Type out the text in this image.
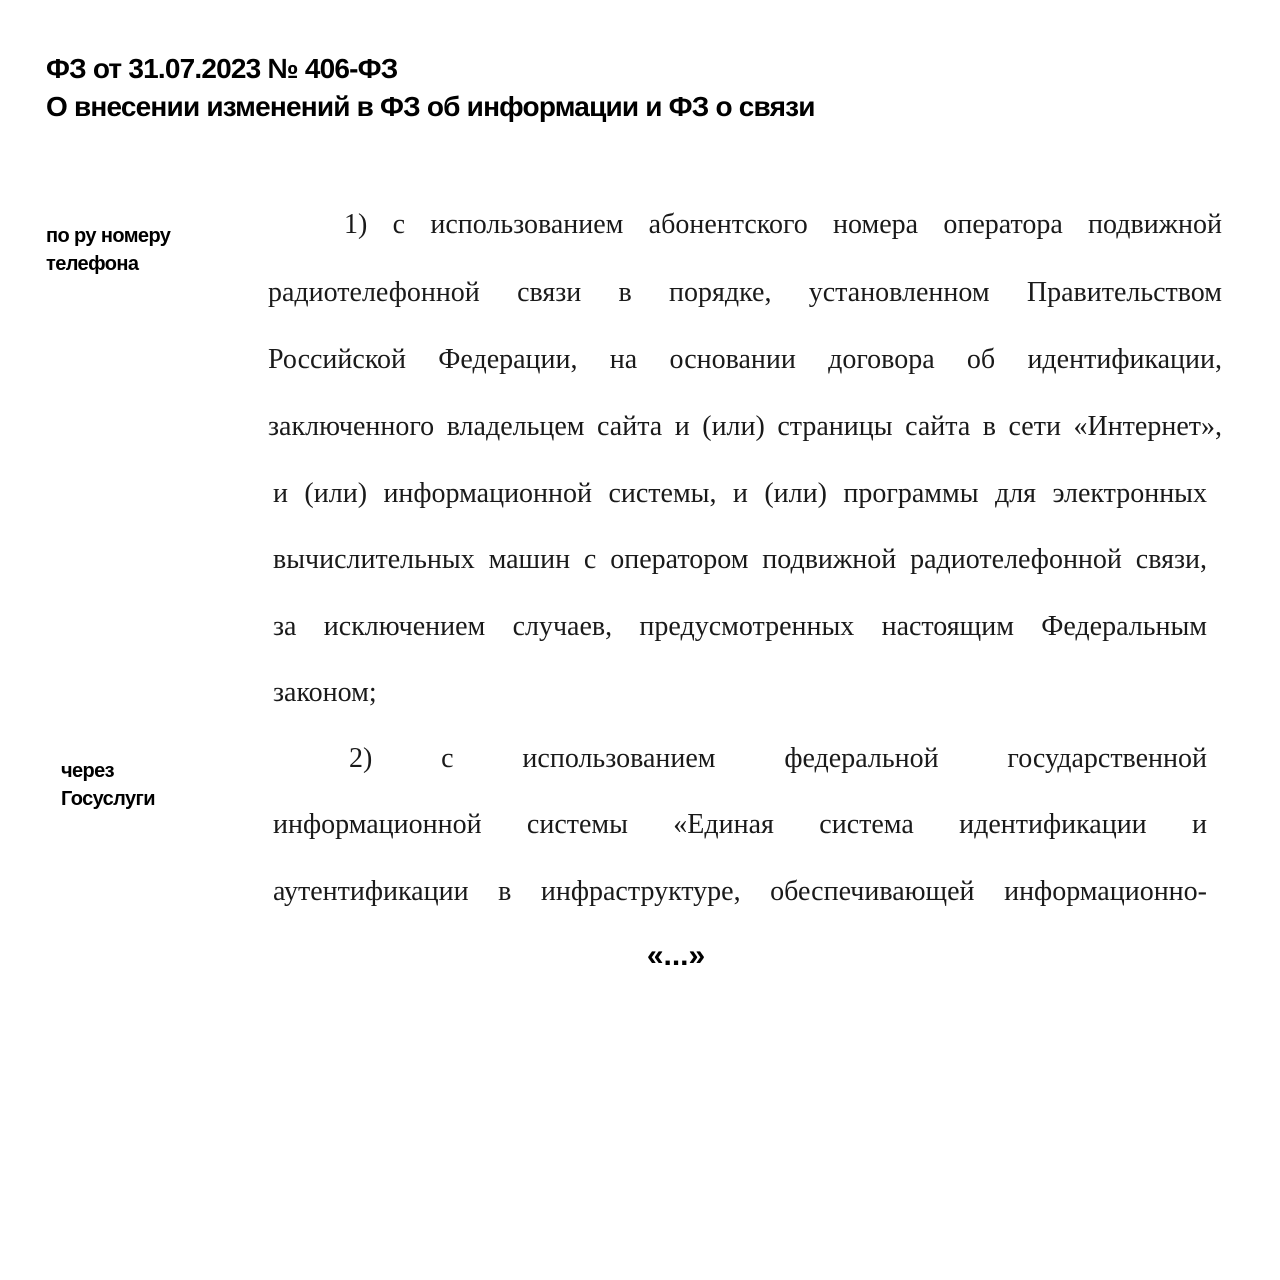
ФЗ от 31.07.2023 № 406-ФЗ
О внесении изменений в ФЗ об информации и ФЗ о связи
по ру номеру
телефона
через
Госуслуги
1) с использованием абонентского номера оператора подвижной
радиотелефонной связи в порядке, установленном Правительством
Российской Федерации, на основании договора об идентификации,
заключенного владельцем сайта и (или) страницы сайта в сети «Интернет»,
и (или) информационной системы, и (или) программы для электронных
вычислительных машин с оператором подвижной радиотелефонной связи,
за исключением случаев, предусмотренных настоящим Федеральным
законом;
2) с использованием федеральной государственной
информационной системы «Единая система идентификации и
аутентификации в инфраструктуре, обеспечивающей информационно-
«...»
